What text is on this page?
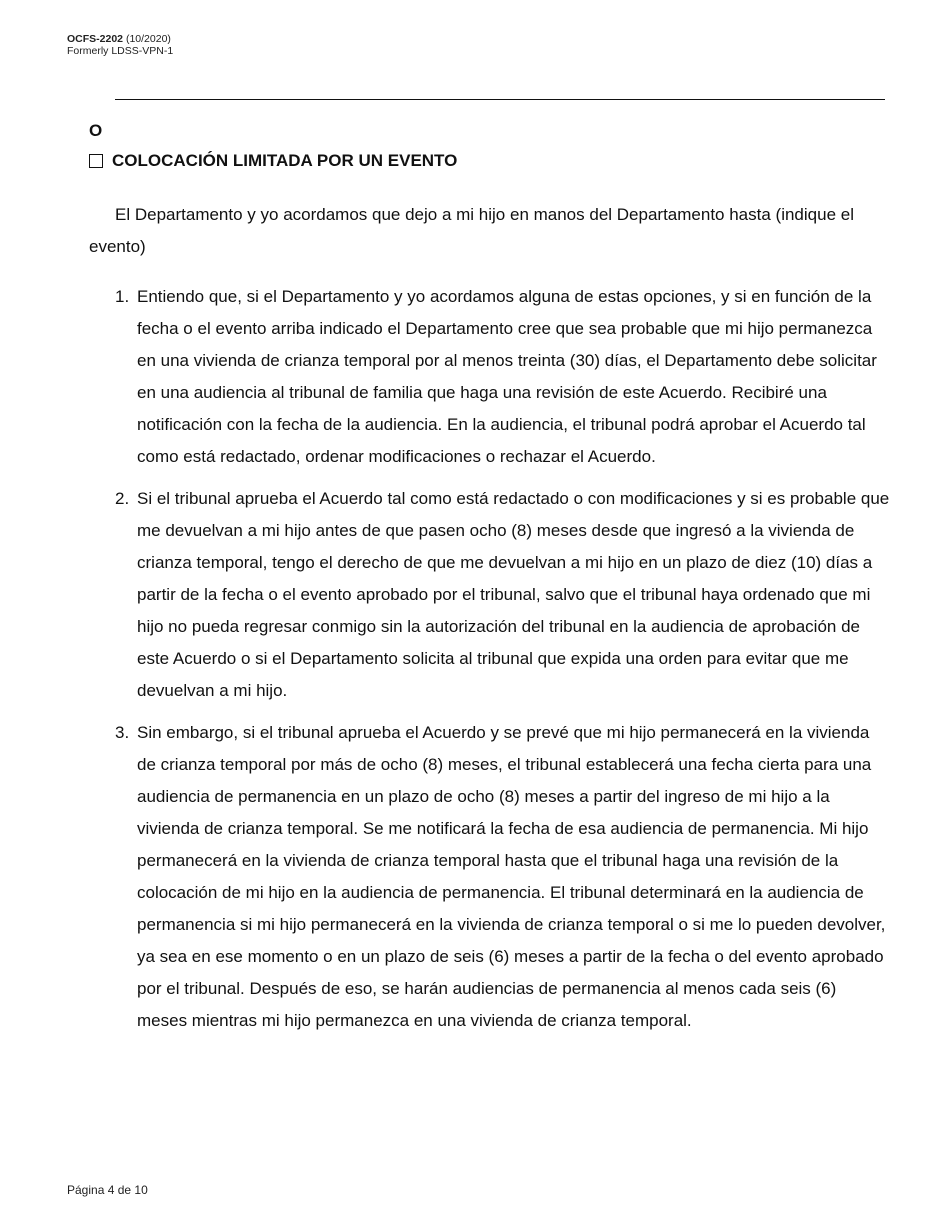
OCFS-2202 (10/2020)
Formerly LDSS-VPN-1
O
COLOCACIÓN LIMITADA POR UN EVENTO

El Departamento y yo acordamos que dejo a mi hijo en manos del Departamento hasta (indique el evento)

1. Entiendo que, si el Departamento y yo acordamos alguna de estas opciones, y si en función de la fecha o el evento arriba indicado el Departamento cree que sea probable que mi hijo permanezca en una vivienda de crianza temporal por al menos treinta (30) días, el Departamento debe solicitar en una audiencia al tribunal de familia que haga una revisión de este Acuerdo. Recibiré una notificación con la fecha de la audiencia. En la audiencia, el tribunal podrá aprobar el Acuerdo tal como está redactado, ordenar modificaciones o rechazar el Acuerdo.
2. Si el tribunal aprueba el Acuerdo tal como está redactado o con modificaciones y si es probable que me devuelvan a mi hijo antes de que pasen ocho (8) meses desde que ingresó a la vivienda de crianza temporal, tengo el derecho de que me devuelvan a mi hijo en un plazo de diez (10) días a partir de la fecha o el evento aprobado por el tribunal, salvo que el tribunal haya ordenado que mi hijo no pueda regresar conmigo sin la autorización del tribunal en la audiencia de aprobación de este Acuerdo o si el Departamento solicita al tribunal que expida una orden para evitar que me devuelvan a mi hijo.
3. Sin embargo, si el tribunal aprueba el Acuerdo y se prevé que mi hijo permanecerá en la vivienda de crianza temporal por más de ocho (8) meses, el tribunal establecerá una fecha cierta para una audiencia de permanencia en un plazo de ocho (8) meses a partir del ingreso de mi hijo a la vivienda de crianza temporal. Se me notificará la fecha de esa audiencia de permanencia. Mi hijo permanecerá en la vivienda de crianza temporal hasta que el tribunal haga una revisión de la colocación de mi hijo en la audiencia de permanencia. El tribunal determinará en la audiencia de permanencia si mi hijo permanecerá en la vivienda de crianza temporal o si me lo pueden devolver, ya sea en ese momento o en un plazo de seis (6) meses a partir de la fecha o del evento aprobado por el tribunal. Después de eso, se harán audiencias de permanencia al menos cada seis (6) meses mientras mi hijo permanezca en una vivienda de crianza temporal.
Página 4 de 10
